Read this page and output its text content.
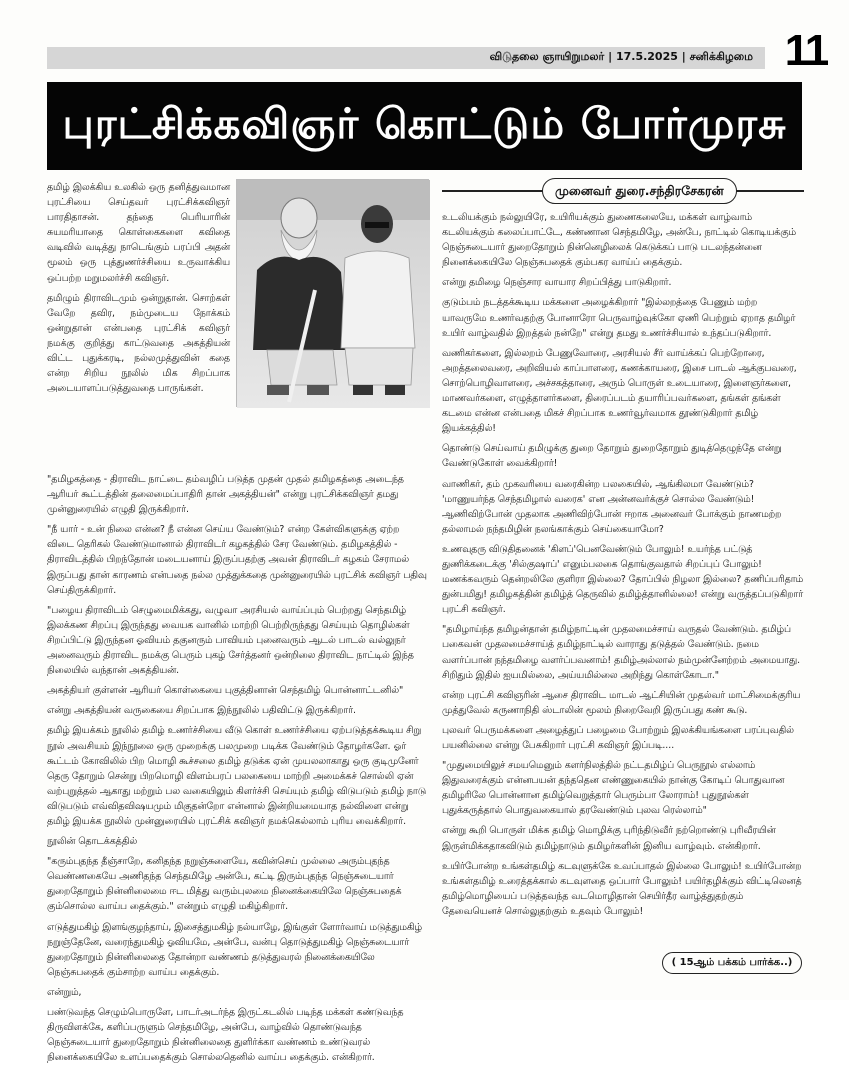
விடுதலை ஞாயிறுமலர் | 17.5.2025 | சனிக்கிழமை 11
புரட்சிக்கவிஞர் கொட்டும் போர்முரசு

தமிழ் இலக்கிய உலகில் ஒரு தனித்துவமான புரட்சியை செய்தவர் புரட்சிக்கவிஞர் பாரதிதாசன். தந்தை பெரியாரின் சுயமரியாதை கொள்கைகளை கவிதை வடிவில் வடித்து நாடெங்கும் பரப்பி அதன் மூலம் ஒரு புத்துணர்ச்சியை உருவாக்கிய ஒப்பற்ற மறுமலர்ச்சி கவிஞர்.

தமிழும் திராவிடமும் ஒன்றுதான். சொற்கள் வேறே தவிர, நம்முடைய நோக்கம் ஒன்றுதான் என்பதை புரட்சிக் கவிஞர் நமக்கு குறித்து காட்டுவதை அகத்தியன் விட்ட புதுக்கரடி, நல்லமுத்துவின் கதை என்ற சிறிய நூலில் மிக சிறப்பாக அடையாளப்படுத்துவதை பாருங்கள்.

"தமிழகத்தை - திராவிட நாட்டை தம்வழிப் படுத்த முதன் முதல் தமிழகத்தை அடைந்த ஆரியர் கூட்டத்தின் தலைமைப்பாதிரி தான் அகத்தியன்" என்று புரட்சிக்கவிஞர் தமது முன்னுரையில் எழுதி இருக்கிறார்.

"நீ யார் - உன் நிலை என்ன? நீ என்ன செய்ய வேண்டும்? என்ற கேள்விகளுக்கு ஏற்ற விடை தெரிகல் வேண்டுமானால் திராவிடர் கழகத்தில் சேர வேண்டும். தமிழகத்தில் - திராவிடத்தில் பிறந்தோன் மடையனாய் இருப்பதற்கு அவன் திராவிடர் கழகம் சேராமல் இருப்பது தான் காரணம் என்பதை நல்ல முத்துக்கதை முன்னுரையில் புரட்சிக் கவிஞர் பதிவு செய்திருக்கிறார்.

"பழைய திராவிடம் செழுமைமிக்கது, வழுவா அரசியல் வாய்ப்பும் பெற்றது செந்தமிழ் இலக்கண சிறப்பு இருந்தது வையக வானில் மாற்றி பெற்றிருந்தது செய்யும் தொழில்கள் சிறப்பிட்டு இருந்தன ஓவியம் தகுனரும் பாவியம் புனைவரும் ஆடல் பாடல் வல்லுநர் அனைவரும் திராவிட நமக்கு பெரும் புகழ் சேர்த்தனர் ஒன்றிலை திராவிட நாட்டில் இந்த நிலையில் வந்தான் அகத்தியன்.

அகத்தியர் குள்ளன் ஆரியர் கொள்கையை புகுத்தினான் செந்தமிழ் பொன்னாட்டனில்"

என்று அகத்தியன் வருகையை சிறப்பாக இந்நூலில் பதிவிட்டு இருக்கிறார்.

தமிழ் இயக்கம் நூலில் தமிழ் உணர்ச்சியை வீடு கொள் உணர்ச்சியை ஏற்படுத்தக்கூடிய சிறு நூல் அவசியம் இந்நூலை ஒரு முறைக்கு பலமுறை படிக்க வேண்டும் தோழர்களே. ஓர் கூட்டம் கோவிலில் பிற மொழி கூச்சலை தமிழ் தடுக்க ஏன் முயலலாகாது ஒரு குடிமுனேர் தெரு தோறும் சென்று பிறமொழி விளம்பரப் பலகையை மாற்றி அமைக்கச் சொல்லி ஏன் வற்புறுத்தல் ஆகாது மற்றும் பல வகையிலும் கிளர்ச்சி செய்யும் தமிழ் விடுபடும் தமிழ் நாடு விடுபடும் எவ்விதவிஷயமும் மிகுதன்றோ என்னால் இன்றியமையாத நல்விளை என்று தமிழ் இயக்க நூலில் முன்னுரையில் புரட்சிக் கவிஞர் நமக்கெல்லாம் புரிய வைக்கிறார்.

நூலின் தொடக்கத்தில்

"கரும்புதந்த தீஞ்சாறே, கனிதந்த நறுஞ்சுளையே, கவின்செய் முல்லை அரும்புதந்த வெண்ணகையே அணிதந்த செந்தமிழே அன்பே, கட்டி இரும்புதந்த நெஞ்சுடையார் துறைதோறும் நின்னிலைமை ஈட மித்து வரும்புலமை நினைக்கையிலே நெஞ்சுபதைக் கும்சொல்ல வாய்ப தைக்கும்." என்றும் எழுதி மகிழ்கிறார்.

எடுத்துமகிழ் இளங்குழந்தாய், இசைத்துமகிழ் நல்யாழே, இங்குள் ளோர்வாய் மடுத்துமகிழ் நறுஞ்தேனே, வரைந்துமகிழ் ஓவியமே, அன்பே, வன்பு தொடுத்துமகிழ் நெஞ்சுடையார் துறைதோறும் நின்னிலைதை தோன்றா வண்ணம் தடுத்துவரல் நினைக்கையிலே நெஞ்சுபதைக் கும்சாற்ற வாய்ப தைக்கும்.

என்றும்,

பண்டுவந்த செழும்பொருளே, பாடர்அடர்ந்த இருட்கடலில் படிந்த மக்கள் கண்டுவந்த திருவிளக்கே, களிப்பருளும் செந்தமிழே, அன்பே, வாழ்வில் தொண்டுவந்த நெஞ்சுடையார் துறைதோறும் நின்னிலைதை துளிர்க்கா வண்ணம் உண்டுவரல் நினைக்கையிலே உளப்பதைக்கும் சொல்லதெனில் வாய்ப தைக்கும். என்கிறார்.

முனைவர் துரை.சந்திரசேகரன்

உடலியக்கும் நல்லுயிரே, உயிரியக்கும் துணைகலையே, மக்கள் வாழ்வாம் கடலியக்கும் கலைப்பாட்டே, கண்ணான செந்தமிழே, அன்பே, நாட்டில் கொடியக்கும் நெஞ்சுடையார் துறைதோறும் நின்னெழிலைக் கெடுக்கப் பாடு படலந்தன்னை நினைக்கையிலே நெஞ்சுபதைக் கும்பகர வாய்ப் தைக்கும்.

என்று தமிழை நெஞ்சார வாயார சிறப்பித்து பாடுகிறார்.

குடும்பம் நடத்தக்கூடிய மக்களை அழைக்கிறார் "இல்லறத்தை பேணும் மற்ற யாவருமே உணர்வதற்கு போனாரோ பெருவாழ்வுக்கோ ஏணி பெற்றும் ஏறாத தமிழர் உயிர் வாழ்வதில் இறத்தல் நன்றே" என்று தமது உணர்ச்சியால் உந்தப்படுகிறார்.

வணிகர்களை, இல்லறம் பேணுவோரை, அரசியல் சீர் வாய்க்கப் பெற்றோரை, அறத்தலைவரை, அறிவியல் காப்பாளரை, கணக்காயரை, இசை பாடல் ஆக்குபவரை, சொற்பொழிவாளரை, அச்சகத்தாரை, அரும் பொருள் உடையாரை, இளைஞர்களை, மாணவர்களை, எழுத்தாளர்களை, திரைப்படம் தயாரிப்பவர்களை, தங்கள் தங்கள் கடமை என்ன என்பதை மிகச் சிறப்பாக உணர்வூர்வமாக தூண்டுகிறார் தமிழ் இயக்கத்தில்!

தொண்டு செய்வாய் தமிழுக்கு துறை தோறும் துறைதோறும் துடித்தெழுந்தே என்று வேண்டுகோள் வைக்கிறார்!

வாணிகர், தம் முகவரியை வரைகின்ற பலகையில், ஆங்கிலமா வேண்டும்? 'மாணுயர்ந்த செந்தமிழால் வரைக' என அன்னவர்க்குச் சொல்ல வேண்டும்! ஆணிவிற்போன் முதலாக அணிவிற்போன் ஈறாக அனைவர் போக்கும் நாணமற்ற தல்லாமல் நந்தமிழின் நலங்காக்கும் செய்கையாமோ?

உணவுதரு விடுதிதனைக் 'கிளப்'பெனவேண்டும் போலும்! உயர்ந்த பட்டுத் துணிக்கடைக்கு 'சில்குஷாப்' எனும்பலகை தொங்குவதால் சிறப்புப் போலும்! மணக்கவரும் தென்றலிலே குளிரா இல்லை? தோப்பில் நிழலா இல்லை? தணிப்பரிதாம் துன்பமிது! தமிழகத்தின் தமிழ்த் தெருவில் தமிழ்த்தானில்லை! என்று வருத்தப்படுகிறார் புரட்சி கவிஞர்.

"தமிழாய்ந்த தமிழன்தான் தமிழ்நாட்டின் முதலமைச்சாய் வருதல் வேண்டும். தமிழ்ப் பகைவன் முதலமைச்சாய்த் தமிழ்நாட்டில் வாராது தடுத்தல் வேண்டும். நமை வளர்ப்பான் நந்தமிழை வளர்ப்பவனாம்! தமிழ்அல்லால் நம்முன்னேற்றம் அமையாது. சிறிதும் இதில் ஐயமில்லை, அய்யமில்லை அறிந்து கொள்கோடா."

என்ற புரட்சி கவிஞரின் ஆசை திராவிட மாடல் ஆட்சியின் முதல்வர் மாட்சிமைக்குரிய முத்துவேல் கருணாநிதி ஸ்டாலின் மூலம் நிறைவேறி இருப்பது கண் கூடு.

புலவர் பெருமக்களை அழைத்துப் பழைமை போற்றும் இலக்கியங்களை பரப்புவதில் பயனில்லை என்று பேசுகிறார் புரட்சி கவிஞர் இப்படி....

"முதுமையிலுச் சமயமெனும் களர்நிலத்தில் நட்டதமிழ்ப் பெருநூல் எல்லாம் இதுவரைக்கும் என்னபயன் தந்ததென எண்ணுகையில் நான்கு கோடிப் பொதுவான தமிழரிலே பொன்னான தமிழ்வெறுத்தார் பெரும்பா லோராம்! புதுநூல்கள் புதுக்கருத்தால் பொதுவகையால் தரவேண்டும் புலவ ரெல்லாம்"

என்று கூறி பொருள் மிக்க தமிழ் மொழிக்கு புரிந்திடுவீர் நற்றொண்டு புரிவீரயின் இருள்மிக்கதாகவிடும் தமிழ்நாடும் தமிழர்களின் இனிய வாழ்வும். என்கிறார்.

உயிர்போன்ற உங்கள்தமிழ் கடவுளுக்கே உவப்பாதல் இல்லை போலும்! உயிர்போன்ற உங்கள்தமிழ் உரைத்தக்கால் கடவுளதை ஒப்பார் போலும்! பயிர்தழிக்கும் விட்டிலெனத் தமிழ்மொழியைப் படுத்தவந்த வடமொழிதான் செயிர்தீர வாழ்த்துதற்கும் தேவையெனச் சொல்லுதற்கும் உதவும் போலும்!

( 15ஆம் பக்கம் பார்க்க..)
